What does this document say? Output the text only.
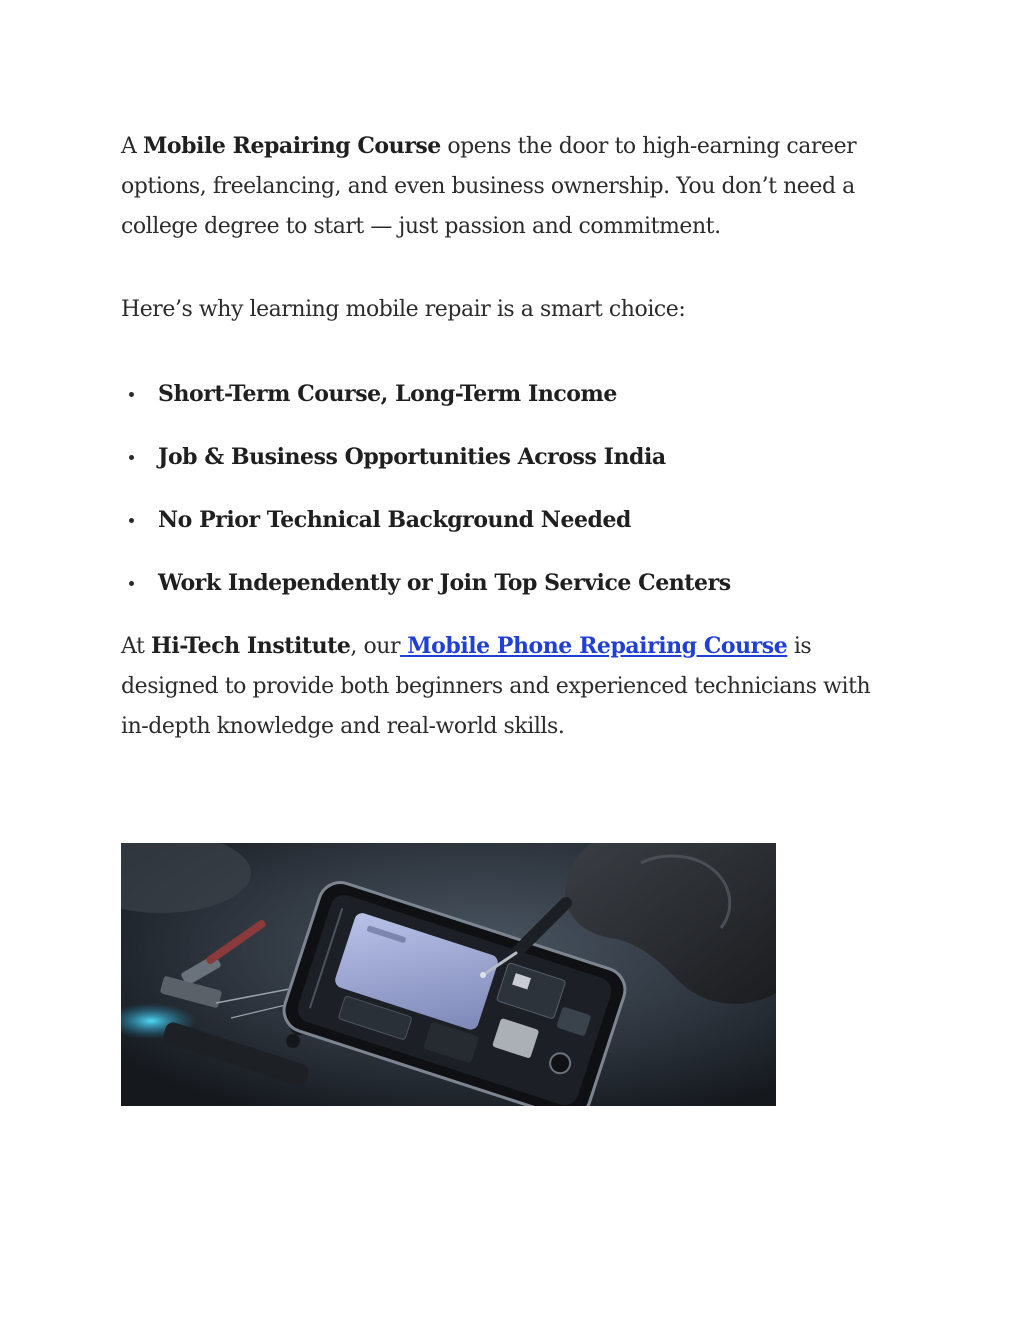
A Mobile Repairing Course opens the door to high-earning career
options, freelancing, and even business ownership. You don’t need a
college degree to start — just passion and commitment.

Here’s why learning mobile repair is a smart choice:

Short-Term Course, Long-Term Income
Job & Business Opportunities Across India
No Prior Technical Background Needed
Work Independently or Join Top Service Centers

At Hi-Tech Institute, our Mobile Phone Repairing Course is
designed to provide both beginners and experienced technicians with
in-depth knowledge and real-world skills.
